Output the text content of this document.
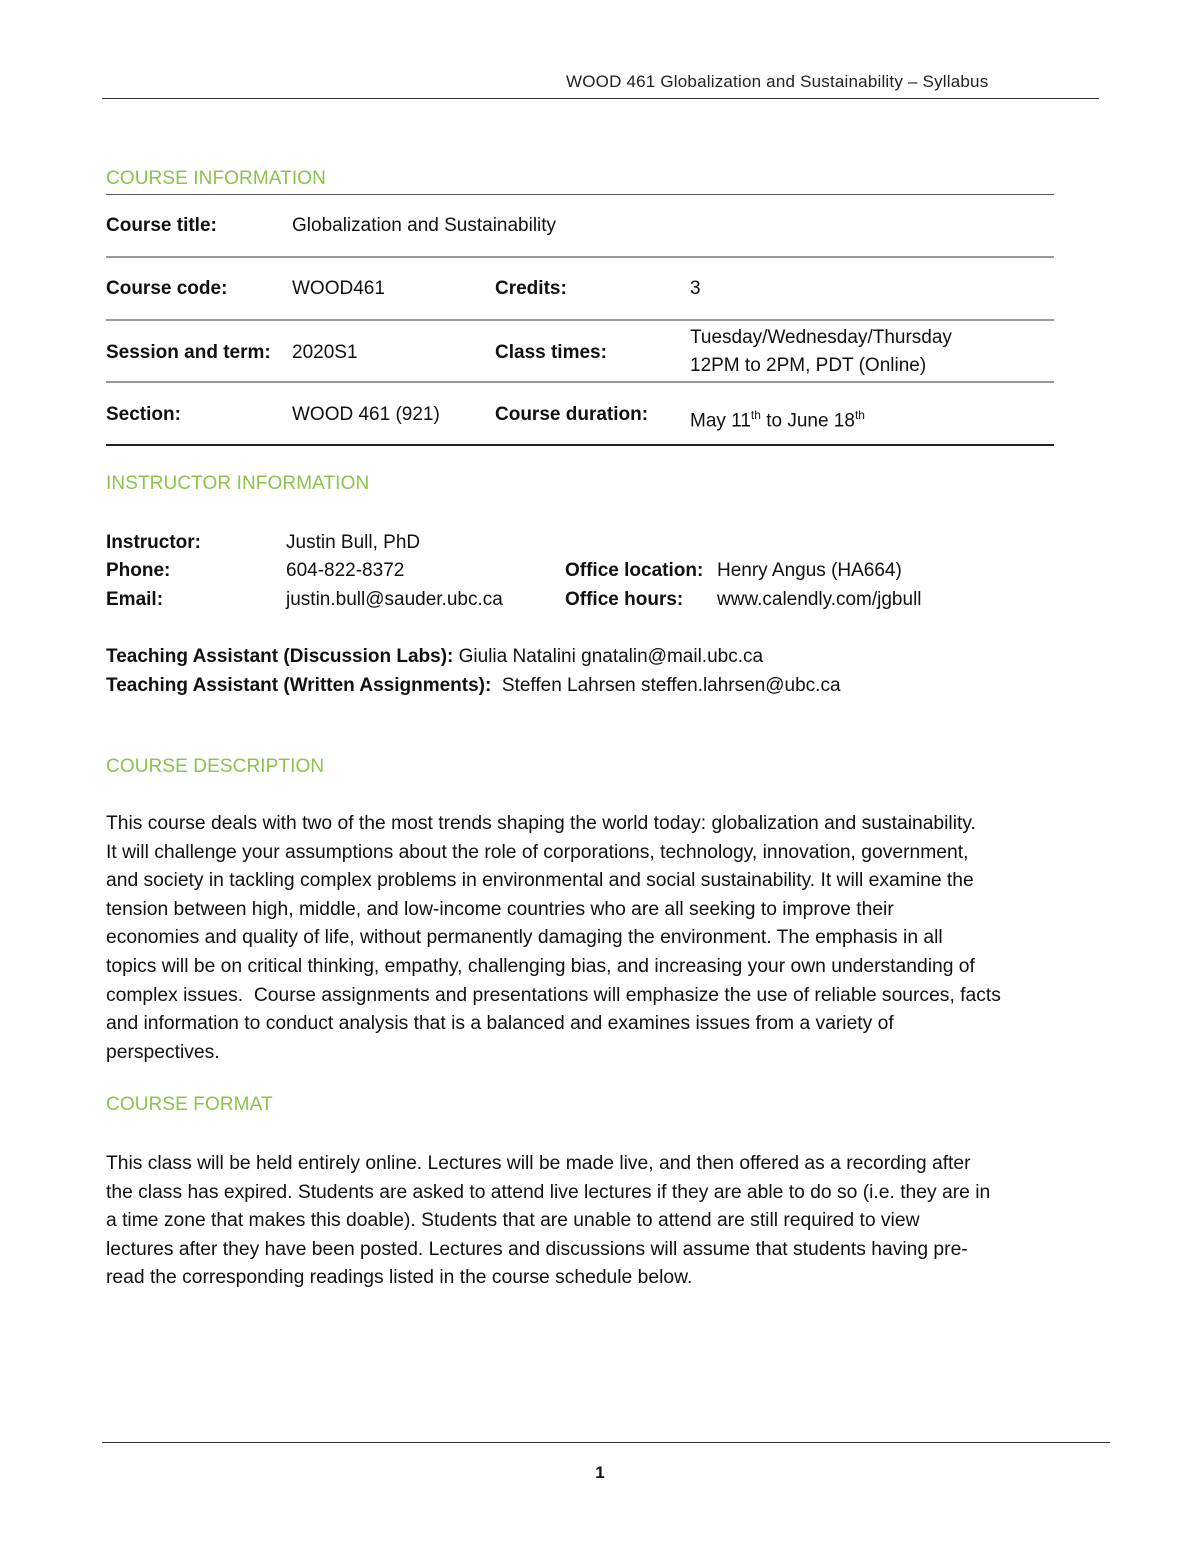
WOOD 461 Globalization and Sustainability – Syllabus
COURSE INFORMATION
Course title:	Globalization and Sustainability
Course code:	WOOD461	Credits:	3
Session and term: 2020S1	Class times:
Tuesday/Wednesday/Thursday
12PM to 2PM, PDT (Online)
Section:	WOOD 461 (921)	Course duration: May 11th to June 18th
INSTRUCTOR INFORMATION
Instructor:	Justin Bull, PhD
Phone:	604-822-8372	Office location: Henry Angus (HA664)
Email:	justin.bull@sauder.ubc.ca	Office hours: www.calendly.com/jgbull
Teaching Assistant (Discussion Labs): Giulia Natalini gnatalin@mail.ubc.ca
Teaching Assistant (Written Assignments): Steffen Lahrsen steffen.lahrsen@ubc.ca
COURSE DESCRIPTION
This course deals with two of the most trends shaping the world today: globalization and sustainability.
It will challenge your assumptions about the role of corporations, technology, innovation, government,
and society in tackling complex problems in environmental and social sustainability. It will examine the
tension between high, middle, and low-income countries who are all seeking to improve their
economies and quality of life, without permanently damaging the environment. The emphasis in all
topics will be on critical thinking, empathy, challenging bias, and increasing your own understanding of
complex issues.  Course assignments and presentations will emphasize the use of reliable sources, facts
and information to conduct analysis that is a balanced and examines issues from a variety of
perspectives.
COURSE FORMAT
This class will be held entirely online. Lectures will be made live, and then offered as a recording after
the class has expired. Students are asked to attend live lectures if they are able to do so (i.e. they are in
a time zone that makes this doable). Students that are unable to attend are still required to view
lectures after they have been posted. Lectures and discussions will assume that students having pre-
read the corresponding readings listed in the course schedule below.
1
